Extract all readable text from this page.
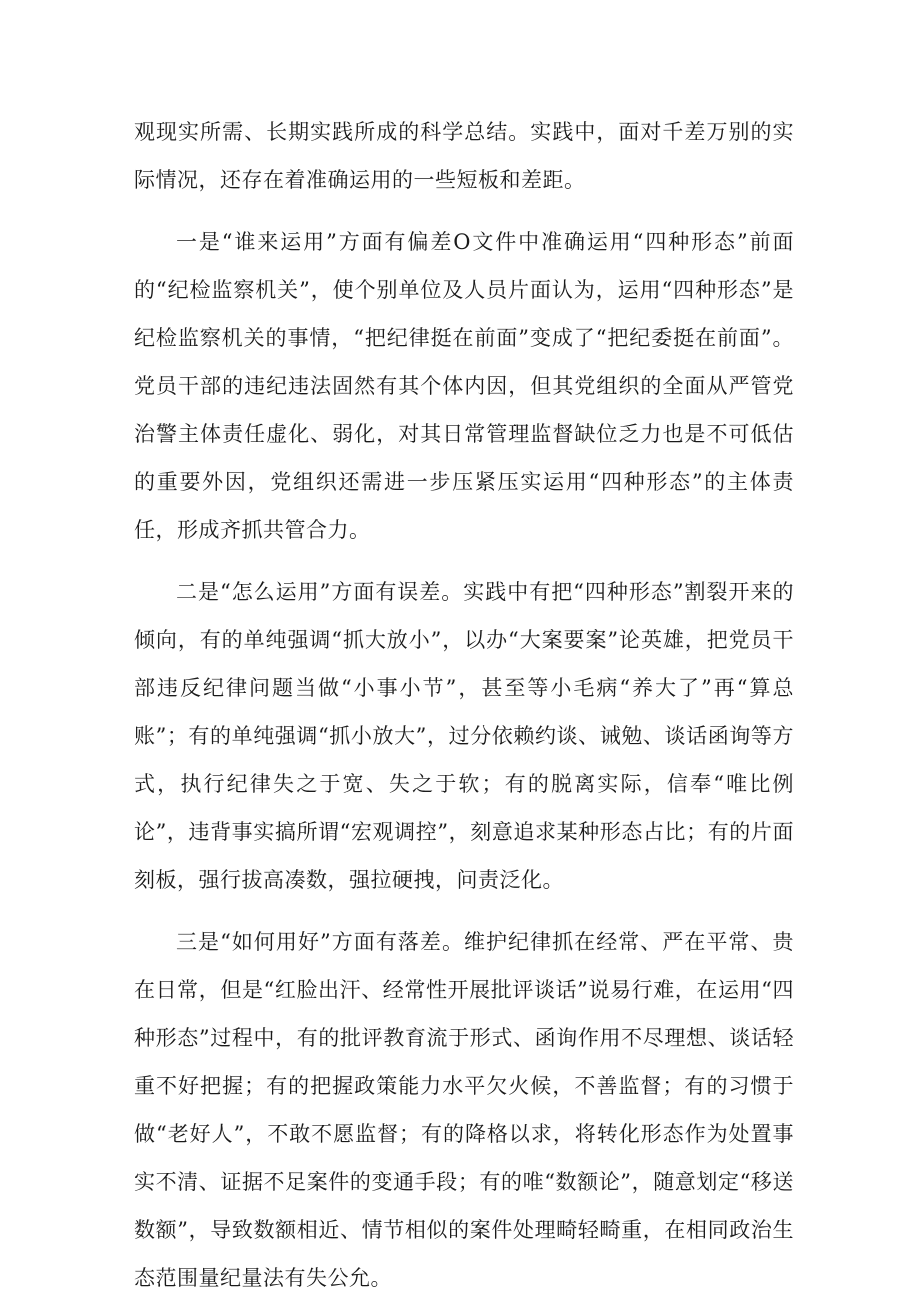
观现实所需、长期实践所成的科学总结。实践中，面对千差万别的实际情况，还存在着准确运用的一些短板和差距。

一是“谁来运用”方面有偏差O文件中准确运用“四种形态”前面的“纪检监察机关”，使个别单位及人员片面认为，运用“四种形态”是纪检监察机关的事情，“把纪律挺在前面”变成了“把纪委挺在前面”。党员干部的违纪违法固然有其个体内因，但其党组织的全面从严管党治警主体责任虚化、弱化，对其日常管理监督缺位乏力也是不可低估的重要外因，党组织还需进一步压紧压实运用“四种形态”的主体责任，形成齐抓共管合力。

二是“怎么运用”方面有误差。实践中有把“四种形态”割裂开来的倾向，有的单纯强调“抓大放小”，以办“大案要案”论英雄，把党员干部违反纪律问题当做“小事小节”，甚至等小毛病“养大了”再“算总账”；有的单纯强调“抓小放大”，过分依赖约谈、诫勉、谈话函询等方式，执行纪律失之于宽、失之于软；有的脱离实际，信奉“唯比例论”，违背事实搞所谓“宏观调控”，刻意追求某种形态占比；有的片面刻板，强行拔高凑数，强拉硬拽，问责泛化。

三是“如何用好”方面有落差。维护纪律抓在经常、严在平常、贵在日常，但是“红脸出汗、经常性开展批评谈话”说易行难，在运用“四种形态”过程中，有的批评教育流于形式、函询作用不尽理想、谈话轻重不好把握；有的把握政策能力水平欠火候，不善监督；有的习惯于做“老好人”，不敢不愿监督；有的降格以求，将转化形态作为处置事实不清、证据不足案件的变通手段；有的唯“数额论”，随意划定“移送数额”，导致数额相近、情节相似的案件处理畸轻畸重，在相同政治生态范围量纪量法有失公允。
